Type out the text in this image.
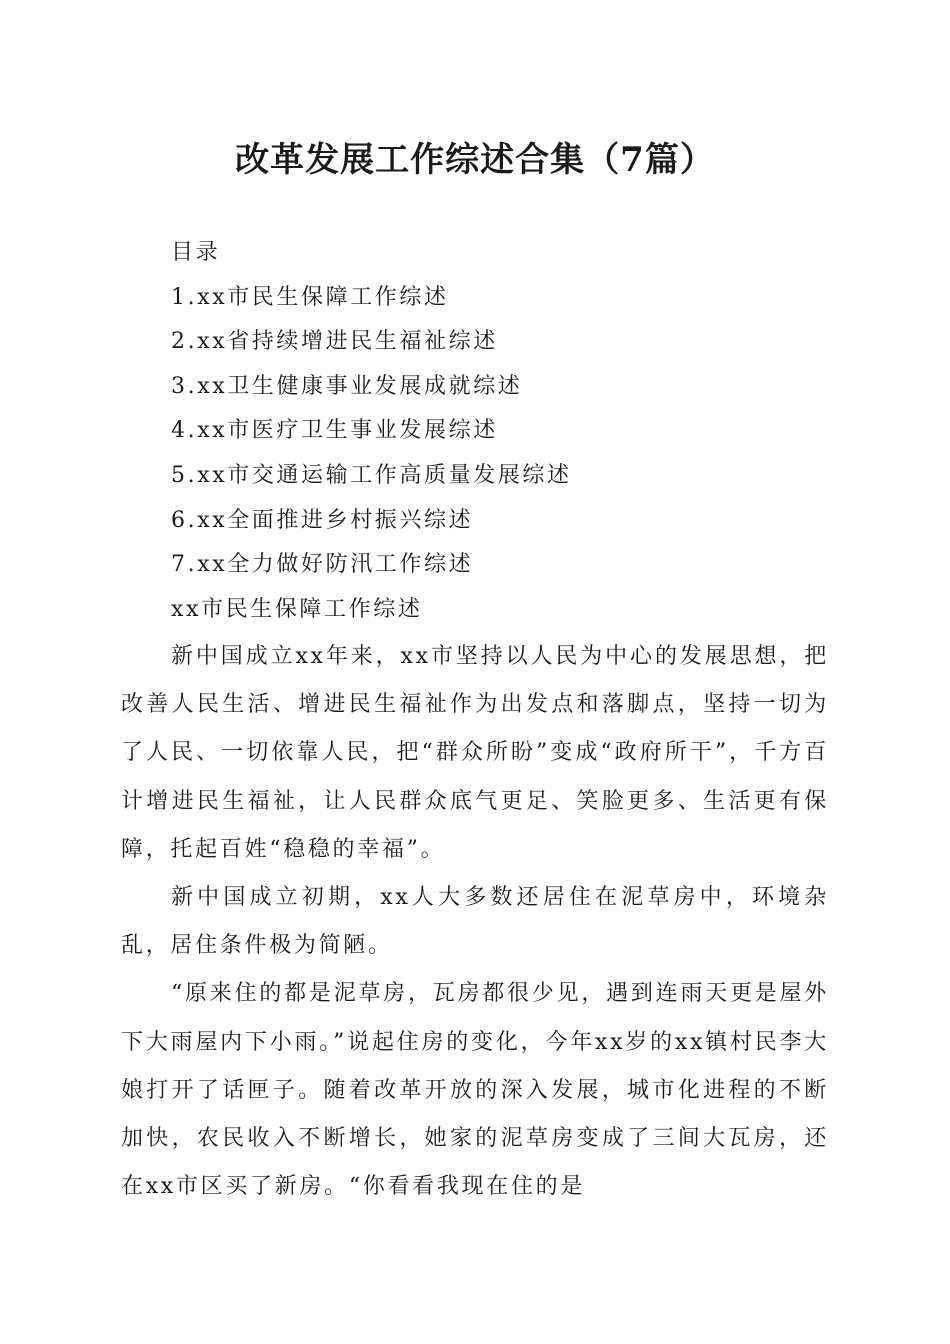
改革发展工作综述合集（7篇）
目录
1.xx市民生保障工作综述
2.xx省持续增进民生福祉综述
3.xx卫生健康事业发展成就综述
4.xx市医疗卫生事业发展综述
5.xx市交通运输工作高质量发展综述
6.xx全面推进乡村振兴综述
7.xx全力做好防汛工作综述
xx市民生保障工作综述

新中国成立xx年来，xx市坚持以人民为中心的发展思想，把改善人民生活、增进民生福祉作为出发点和落脚点，坚持一切为了人民、一切依靠人民，把“群众所盼”变成“政府所干”，千方百计增进民生福祉，让人民群众底气更足、笑脸更多、生活更有保障，托起百姓“稳稳的幸福”。

新中国成立初期，xx人大多数还居住在泥草房中，环境杂乱，居住条件极为简陋。

“原来住的都是泥草房，瓦房都很少见，遇到连雨天更是屋外下大雨屋内下小雨。”说起住房的变化，今年xx岁的xx镇村民李大娘打开了话匣子。随着改革开放的深入发展，城市化进程的不断加快，农民收入不断增长，她家的泥草房变成了三间大瓦房，还在xx市区买了新房。“你看看我现在住的是
